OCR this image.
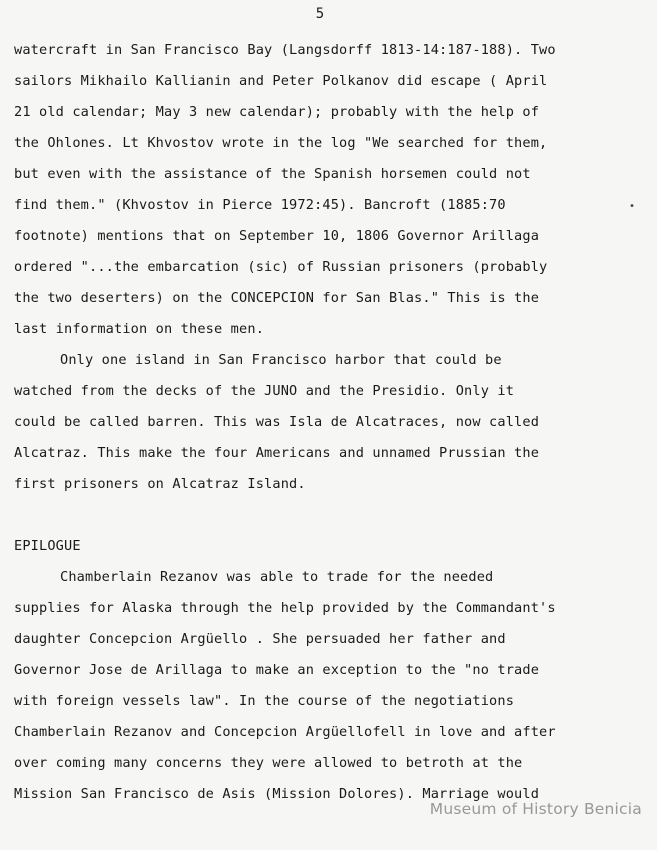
5
watercraft in San Francisco Bay (Langsdorff 1813-14:187-188). Two
sailors Mikhailo Kallianin and Peter Polkanov did escape ( April
21 old calendar; May 3 new calendar); probably with the help of
the Ohlones. Lt Khvostov wrote in the log "We searched for them,
but even with the assistance of the Spanish horsemen could not
find them." (Khvostov in Pierce 1972:45). Bancroft (1885:70
footnote) mentions that on September 10, 1806 Governor Arillaga
ordered "...the embarcation (sic) of Russian prisoners (probably
the two deserters) on the CONCEPCION for San Blas." This is the
last information on these men.
Only one island in San Francisco harbor that could be
watched from the decks of the JUNO and the Presidio. Only it
could be called barren. This was Isla de Alcatraces, now called
Alcatraz. This make the four Americans and unnamed Prussian the
first prisoners on Alcatraz Island.
EPILOGUE
Chamberlain Rezanov was able to trade for the needed
supplies for Alaska through the help provided by the Commandant's
daughter Concepcion Argüello . She persuaded her father and
Governor Jose de Arillaga to make an exception to the "no trade
with foreign vessels law". In the course of the negotiations
Chamberlain Rezanov and Concepcion Argüellofell in love and after
over coming many concerns they were allowed to betroth at the
Mission San Francisco de Asis (Mission Dolores). Marriage would
•
Museum of History Benicia
